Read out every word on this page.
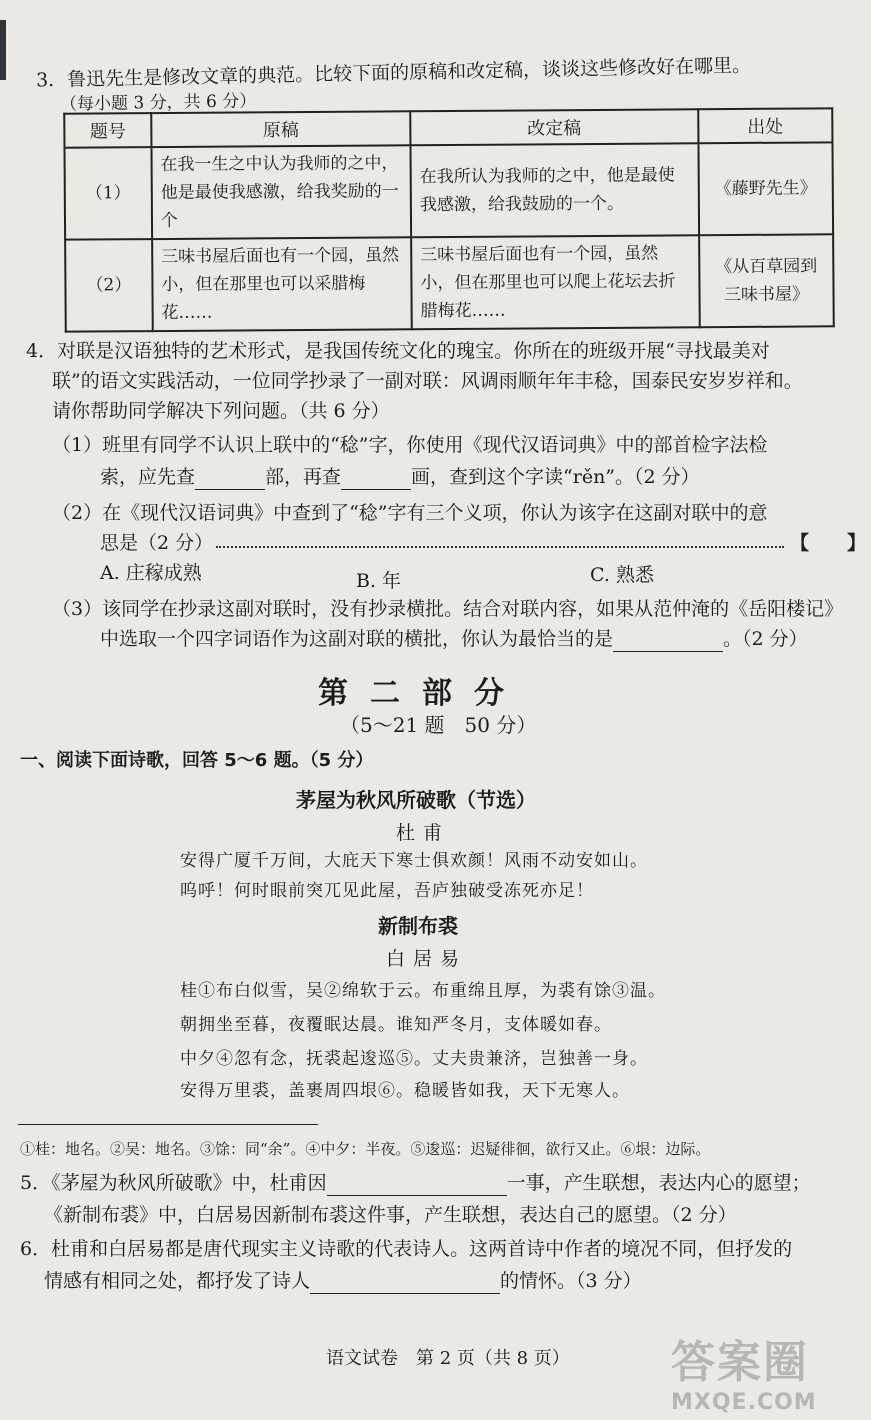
3．鲁迅先生是修改文章的典范。比较下面的原稿和改定稿，谈谈这些修改好在哪里。
（每小题 3 分，共 6 分）
题号	原稿	改定稿	出处
（1）	在我一生之中认为我师的之中，他是最使我感激，给我奖励的一个	在我所认为我师的之中，他是最使我感激，给我鼓励的一个。	《藤野先生》
（2）	三味书屋后面也有一个园，虽然小，但在那里也可以采腊梅花……	三味书屋后面也有一个园，虽然小，但在那里也可以爬上花坛去折腊梅花……	《从百草园到三味书屋》
4．对联是汉语独特的艺术形式，是我国传统文化的瑰宝。你所在的班级开展“寻找最美对
联”的语文实践活动，一位同学抄录了一副对联：风调雨顺年年丰稔，国泰民安岁岁祥和。
请你帮助同学解决下列问题。（共 6 分）
（1）班里有同学不认识上联中的“稔”字，你使用《现代汉语词典》中的部首检字法检
索，应先查	部，再查	画，查到这个字读“rěn”。（2 分）
（2）在《现代汉语词典》中查到了“稔”字有三个义项，你认为该字在这副对联中的意
思是（2 分）	【　　】
A. 庄稼成熟	B. 年	C. 熟悉
（3）该同学在抄录这副对联时，没有抄录横批。结合对联内容，如果从范仲淹的《岳阳楼记》
中选取一个四字词语作为这副对联的横批，你认为最恰当的是	。（2 分）
第二部分
（5～21 题　50 分）
一、阅读下面诗歌，回答 5～6 题。（5 分）
茅屋为秋风所破歌（节选）
杜甫
安得广厦千万间，大庇天下寒士俱欢颜！风雨不动安如山。
呜呼！何时眼前突兀见此屋，吾庐独破受冻死亦足！
新制布裘
白居易
桂①布白似雪，吴②绵软于云。布重绵且厚，为裘有馀③温。
朝拥坐至暮，夜覆眠达晨。谁知严冬月，支体暖如春。
中夕④忽有念，抚裘起逡巡⑤。丈夫贵兼济，岂独善一身。
安得万里裘，盖裹周四垠⑥。稳暖皆如我，天下无寒人。
①桂：地名。②吴：地名。③馀：同“余”。④中夕：半夜。⑤逡巡：迟疑徘徊，欲行又止。⑥垠：边际。
5．《茅屋为秋风所破歌》中，杜甫因	一事，产生联想，表达内心的愿望；
《新制布裘》中，白居易因新制布裘这件事，产生联想，表达自己的愿望。（2 分）
6．杜甫和白居易都是唐代现实主义诗歌的代表诗人。这两首诗中作者的境况不同，但抒发的
情感有相同之处，都抒发了诗人	的情怀。（3 分）
语文试卷　第 2 页（共 8 页） 答案圈
MXQE.COM
